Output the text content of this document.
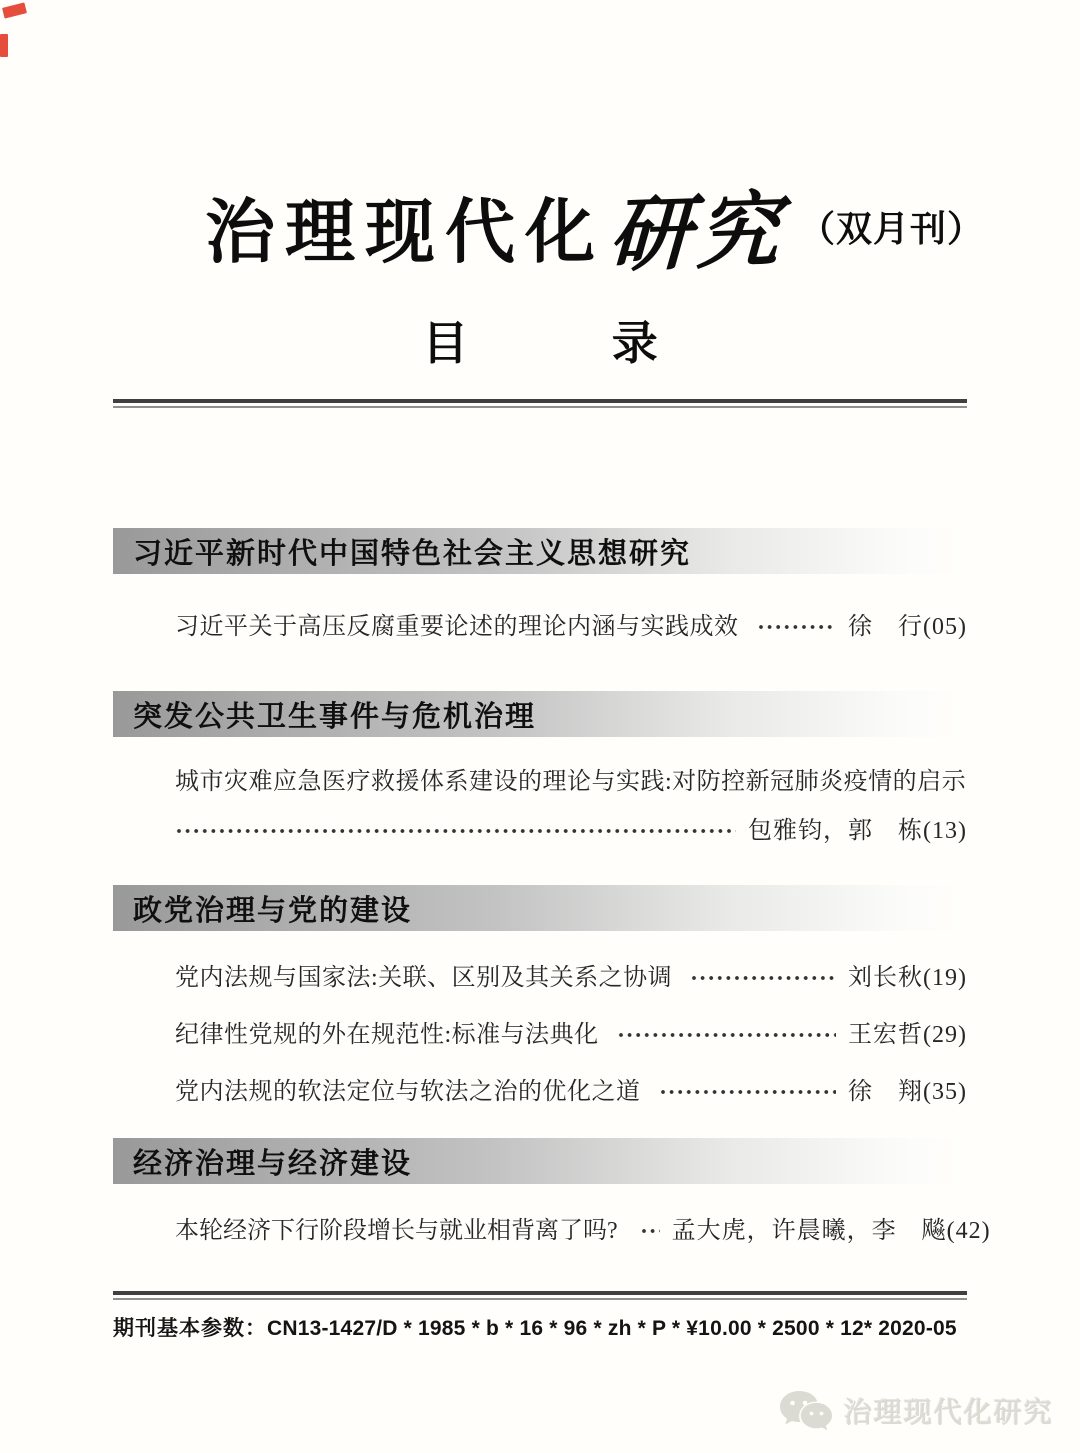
治理现代化 研究 （双月刊）
目	录
习近平新时代中国特色社会主义思想研究
习近平关于高压反腐重要论述的理论内涵与实践成效	徐　行(05)
突发公共卫生事件与危机治理
城市灾难应急医疗救援体系建设的理论与实践:对防控新冠肺炎疫情的启示
包雅钧，郭　栋(13)
政党治理与党的建设
党内法规与国家法:关联、区别及其关系之协调	刘长秋(19)
纪律性党规的外在规范性:标准与法典化	王宏哲(29)
党内法规的软法定位与软法之治的优化之道	徐　翔(35)
经济治理与经济建设
本轮经济下行阶段增长与就业相背离了吗? 孟大虎，许晨曦，李　飚(42)
期刊基本参数：CN13-1427/D * 1985 * b * 16 * 96 * zh * P * ¥10.00 * 2500 * 12* 2020-05
治理现代化研究
